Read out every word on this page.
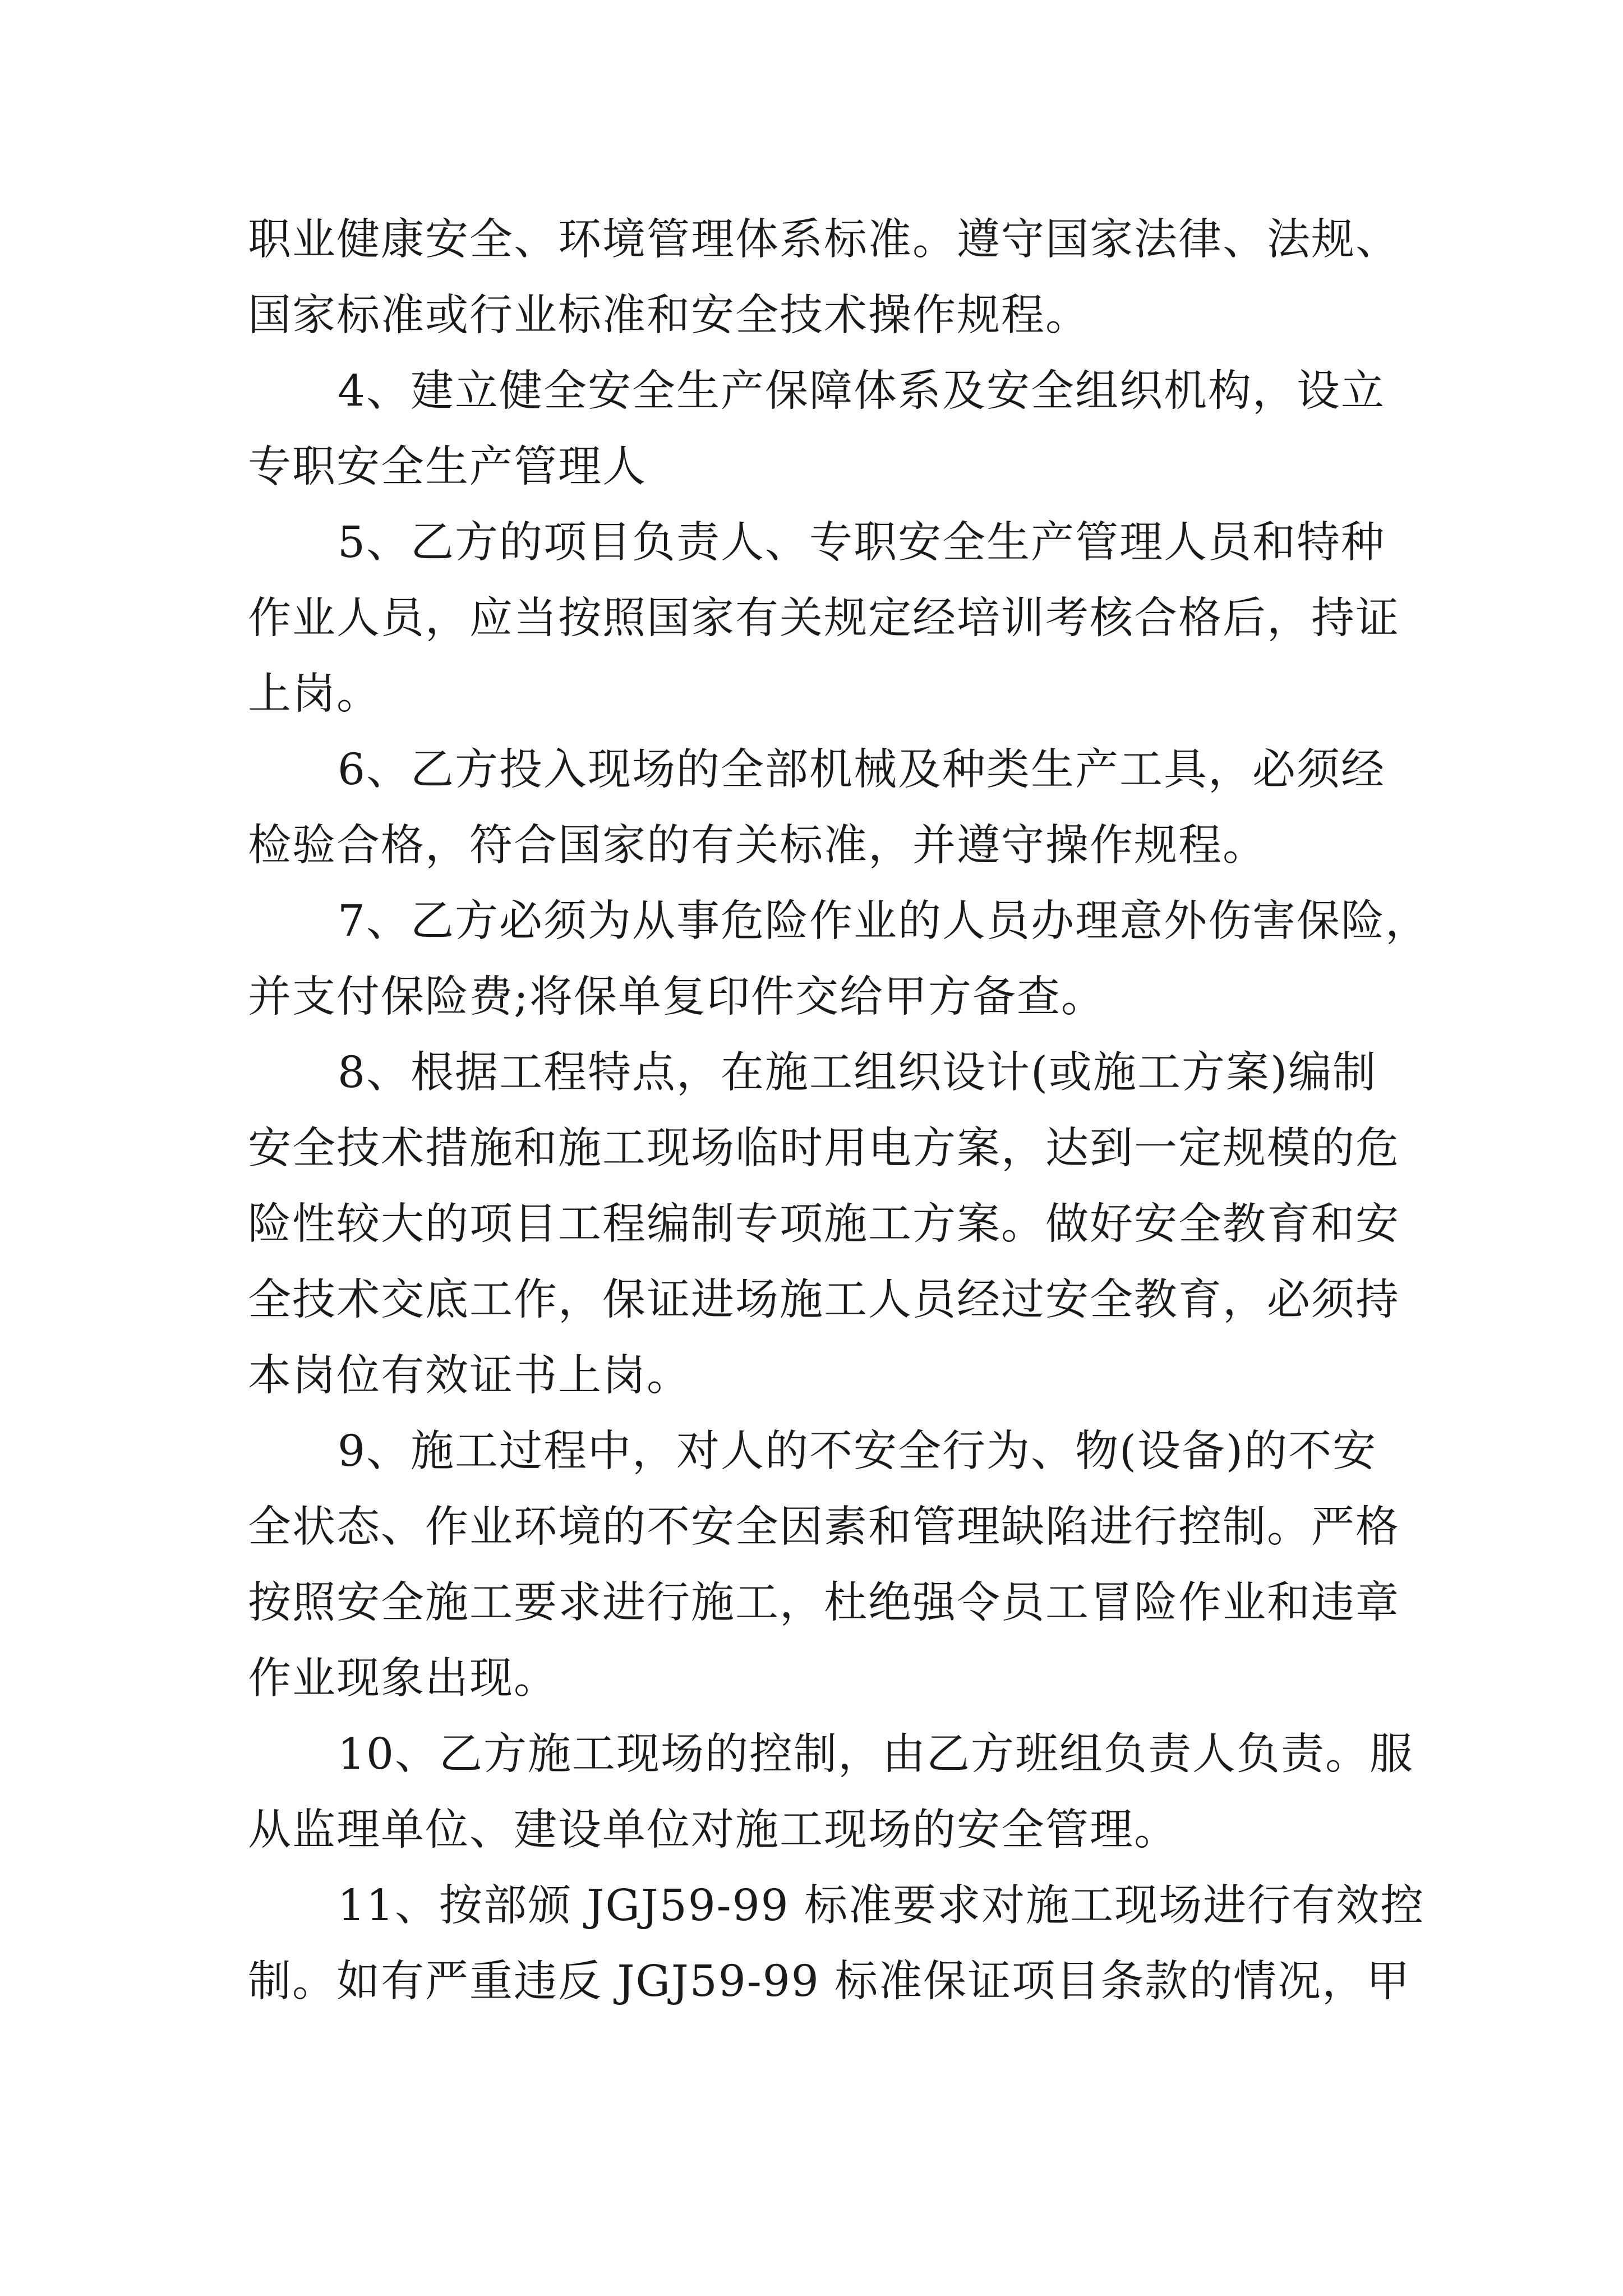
职业健康安全、环境管理体系标准。遵守国家法律、法规、
国家标准或行业标准和安全技术操作规程。

4、建立健全安全生产保障体系及安全组织机构，设立
专职安全生产管理人

5、乙方的项目负责人、专职安全生产管理人员和特种
作业人员，应当按照国家有关规定经培训考核合格后，持证
上岗。

6、乙方投入现场的全部机械及种类生产工具，必须经
检验合格，符合国家的有关标准，并遵守操作规程。

7、乙方必须为从事危险作业的人员办理意外伤害保险，
并支付保险费;将保单复印件交给甲方备查。

8、根据工程特点，在施工组织设计(或施工方案)编制
安全技术措施和施工现场临时用电方案，达到一定规模的危
险性较大的项目工程编制专项施工方案。做好安全教育和安
全技术交底工作，保证进场施工人员经过安全教育，必须持
本岗位有效证书上岗。

9、施工过程中，对人的不安全行为、物(设备)的不安
全状态、作业环境的不安全因素和管理缺陷进行控制。严格
按照安全施工要求进行施工，杜绝强令员工冒险作业和违章
作业现象出现。

10、乙方施工现场的控制，由乙方班组负责人负责。服
从监理单位、建设单位对施工现场的安全管理。

11、按部颁 JGJ59-99 标准要求对施工现场进行有效控
制。如有严重违反 JGJ59-99 标准保证项目条款的情况，甲
